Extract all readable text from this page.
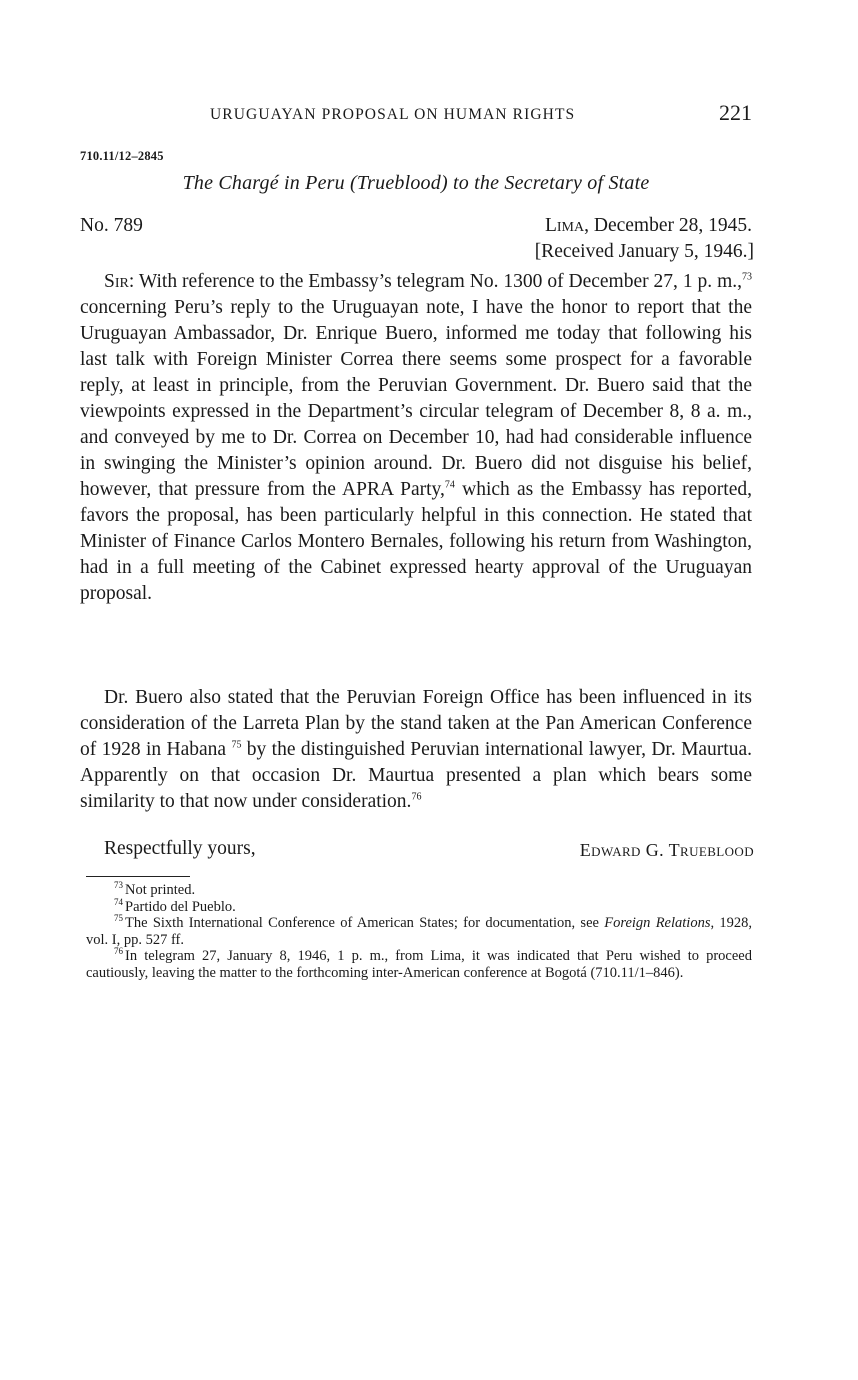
URUGUAYAN PROPOSAL ON HUMAN RIGHTS	221
710.11/12–2845
The Chargé in Peru (Trueblood) to the Secretary of State
No. 789	Lima, December 28, 1945.
[Received January 5, 1946.]
Sir: With reference to the Embassy’s telegram No. 1300 of December 27, 1 p. m.,$^{73}$ concerning Peru’s reply to the Uruguayan note, I have the honor to report that the Uruguayan Ambassador, Dr. Enrique Buero, informed me today that following his last talk with Foreign Minister Correa there seems some prospect for a favorable reply, at least in principle, from the Peruvian Government. Dr. Buero said that the viewpoints expressed in the Department’s circular telegram of December 8, 8 a. m., and conveyed by me to Dr. Correa on December 10, had had considerable influence in swinging the Minister’s opinion around. Dr. Buero did not disguise his belief, however, that pressure from the APRA Party,$^{74}$ which as the Embassy has reported, favors the proposal, has been particularly helpful in this connection. He stated that Minister of Finance Carlos Montero Bernales, following his return from Washington, had in a full meeting of the Cabinet expressed hearty approval of the Uruguayan proposal.
Dr. Buero also stated that the Peruvian Foreign Office has been influenced in its consideration of the Larreta Plan by the stand taken at the Pan American Conference of 1928 in Habana $^{75}$ by the distinguished Peruvian international lawyer, Dr. Maurtua. Apparently on that occasion Dr. Maurtua presented a plan which bears some similarity to that now under consideration.$^{76}$
Respectfully yours,	Edward G. Trueblood

$^{73}$ Not printed.

$^{74}$ Partido del Pueblo.

$^{75}$ The Sixth International Conference of American States; for documentation, see Foreign Relations, 1928, vol. I, pp. 527 ff.

$^{76}$ In telegram 27, January 8, 1946, 1 p. m., from Lima, it was indicated that Peru wished to proceed cautiously, leaving the matter to the forthcoming inter-American conference at Bogotá (710.11/1–846).
